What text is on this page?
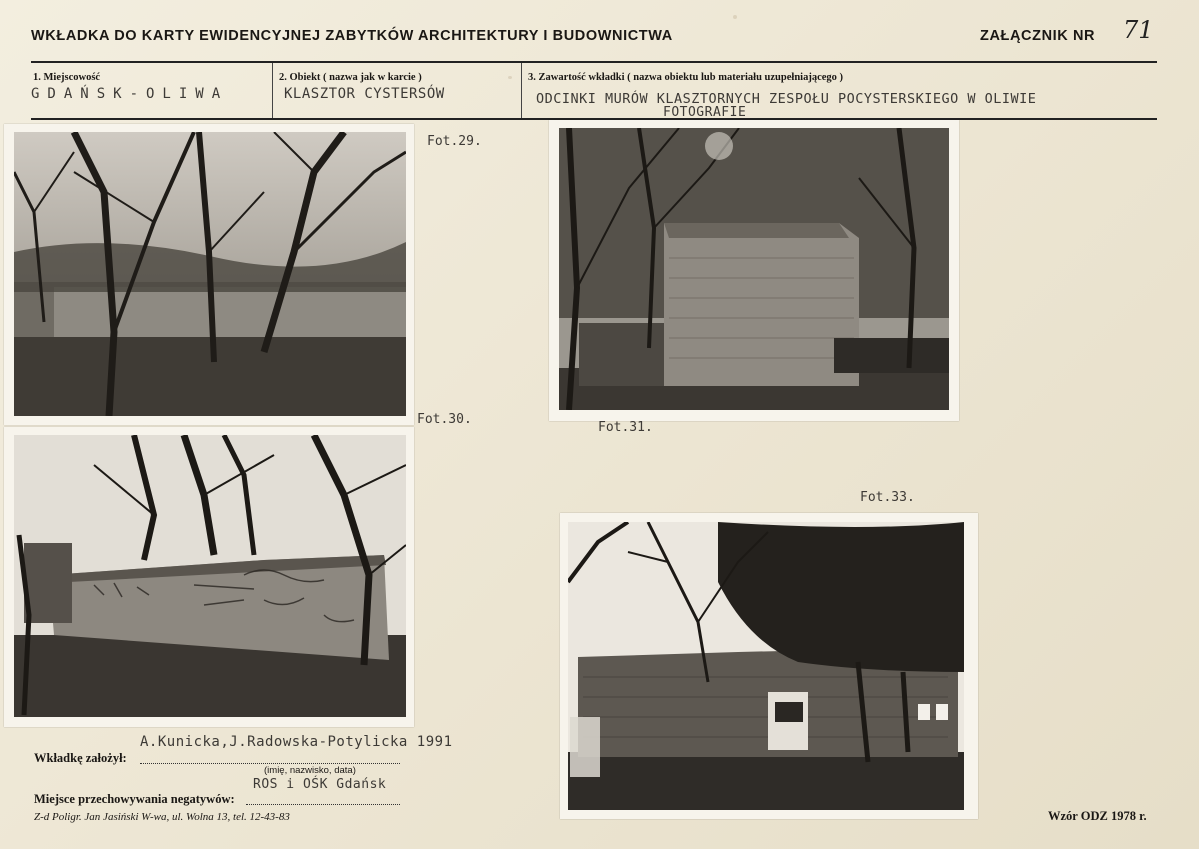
WKŁADKA DO KARTY EWIDENCYJNEJ ZABYTKÓW ARCHITEKTURY I BUDOWNICTWA	ZAŁĄCZNIK NR 71
1. Miejscowość
GDAŃSK-OLIWA
2. Obiekt ( nazwa jak w karcie )
KLASZTOR CYSTERSÓW
3. Zawartość wkładki ( nazwa obiektu lub materiału uzupełniającego )
ODCINKI MURÓW KLASZTORNYCH ZESPOŁU POCYSTERSKIEGO W OLIWIE
FOTOGRAFIE
Fot.29.
Fot.30.
Fot.31.
Fot.33.
A.Kunicka,J.Radowska-Potylicka 1991
Wkładkę założył:
(imię, nazwisko, data)
ROS i OŚK Gdańsk
Miejsce przechowywania negatywów:
Z-d Poligr. Jan Jasiński W-wa, ul. Wolna 13, tel. 12-43-83	Wzór ODZ 1978 r.
